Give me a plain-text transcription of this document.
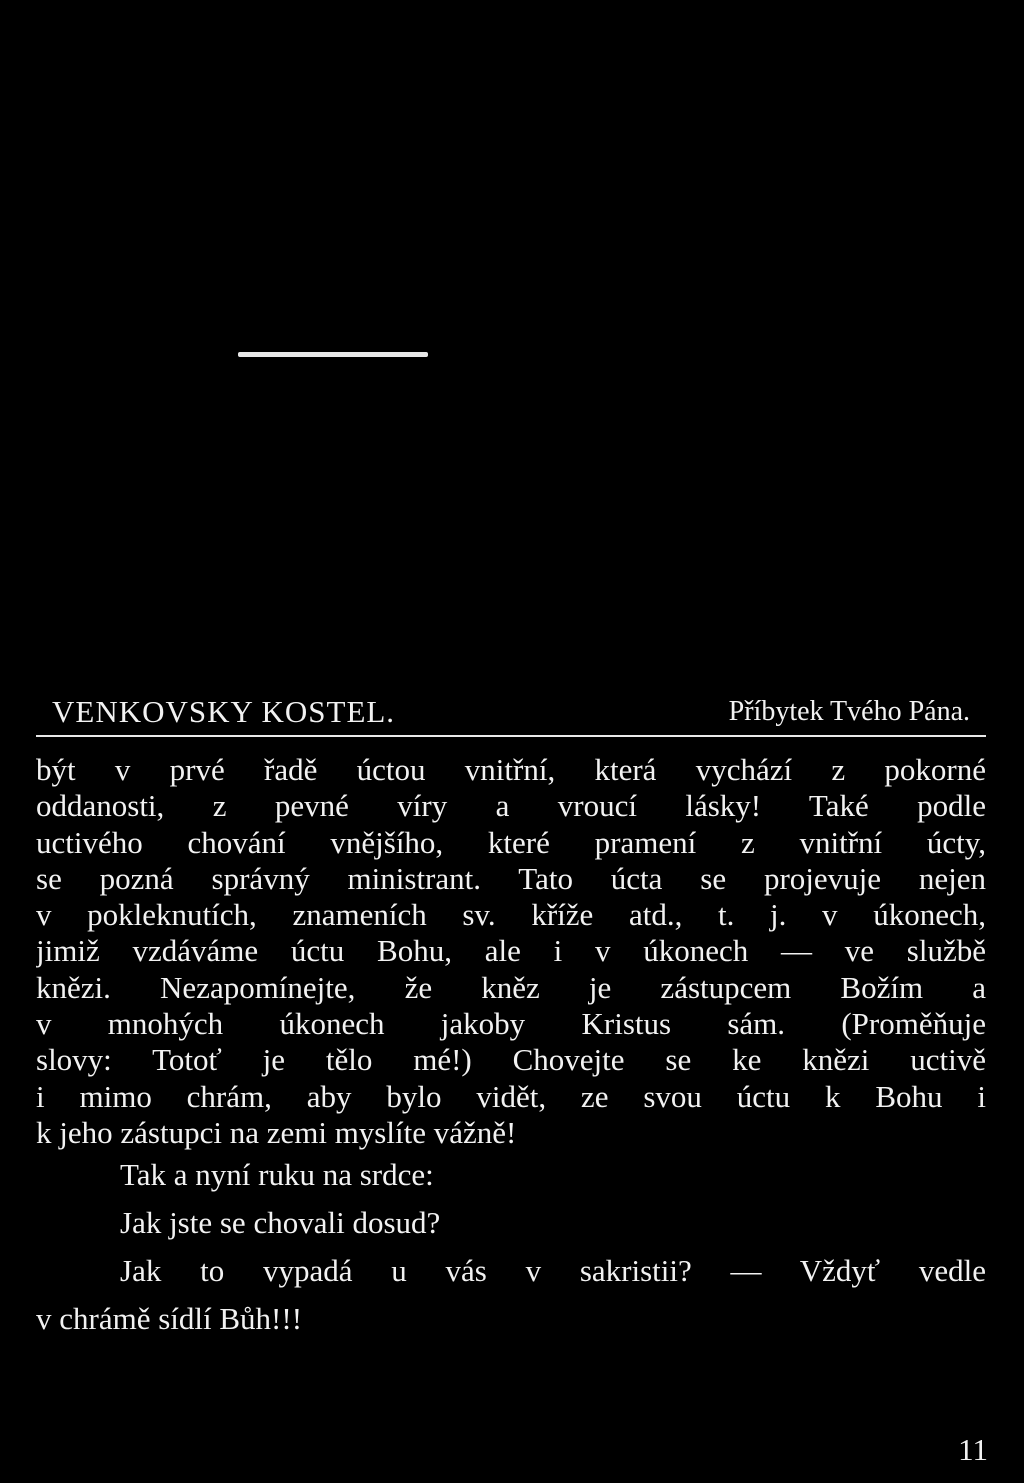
VENKOVSKY KOSTEL.	Příbytek Tvého Pána.
být v prvé řadě úctou vnitřní, která vychází z pokorné
oddanosti, z pevné víry a vroucí lásky! Také podle
uctivého chování vnějšího, které pramení z vnitřní úcty,
se pozná správný ministrant. Tato úcta se projevuje nejen
v pokleknutích, znameních sv. kříže atd., t. j. v úkonech,
jimiž vzdáváme úctu Bohu, ale i v úkonech — ve službě
knězi. Nezapomínejte, že kněz je zástupcem Božím a
v mnohých úkonech jakoby Kristus sám. (Proměňuje
slovy: Totoť je tělo mé!) Chovejte se ke knězi uctivě
i mimo chrám, aby bylo vidět, ze svou úctu k Bohu i
k jeho zástupci na zemi myslíte vážně!
Tak a nyní ruku na srdce:
Jak jste se chovali dosud?
Jak to vypadá u vás v sakristii? — Vždyť vedle
v chrámě sídlí Bůh!!!
11
